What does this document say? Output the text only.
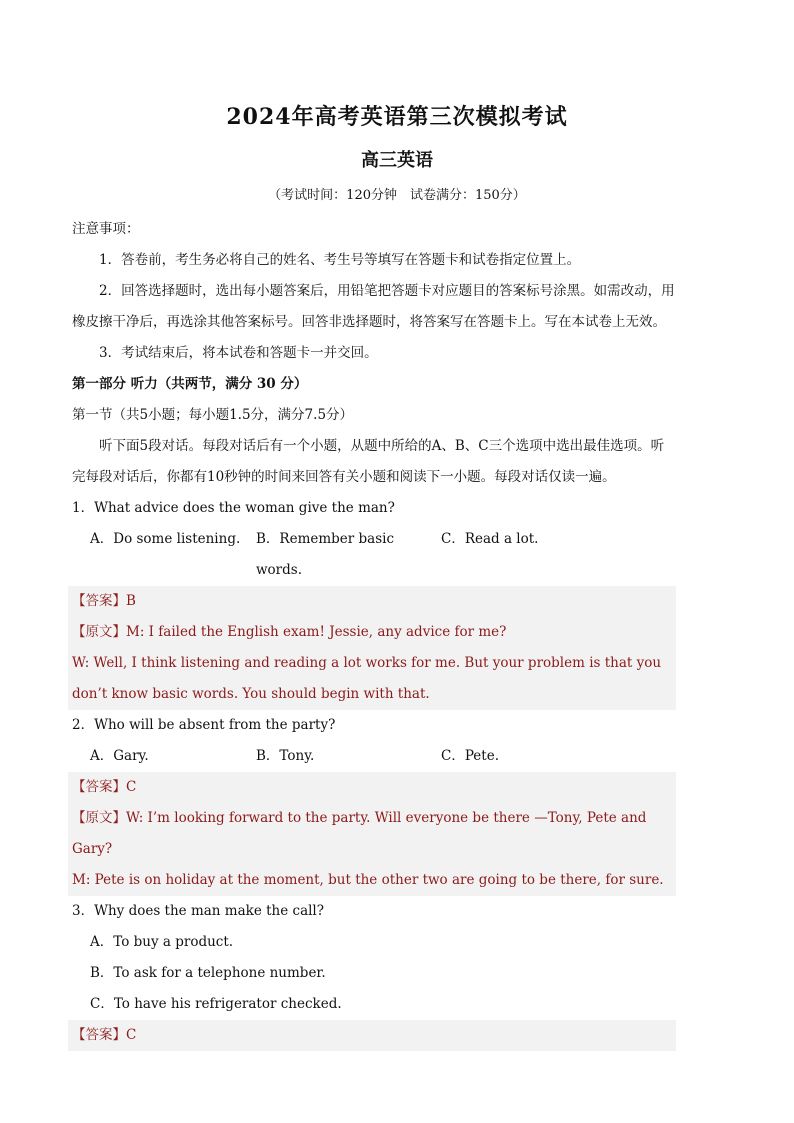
2024年高考英语第三次模拟考试
高三英语
（考试时间：120分钟　试卷满分：150分）

注意事项：

1．答卷前，考生务必将自己的姓名、考生号等填写在答题卡和试卷指定位置上。

2．回答选择题时，选出每小题答案后，用铅笔把答题卡对应题目的答案标号涂黑。如需改动，用橡皮擦干净后，再选涂其他答案标号。回答非选择题时，将答案写在答题卡上。写在本试卷上无效。

3．考试结束后，将本试卷和答题卡一并交回。

第一部分 听力（共两节，满分 30 分）

第一节（共5小题；每小题1.5分，满分7.5分）

听下面5段对话。每段对话后有一个小题，从题中所给的A、B、C三个选项中选出最佳选项。听完每段对话后，你都有10秒钟的时间来回答有关小题和阅读下一小题。每段对话仅读一遍。

1．What advice does the woman give the man?

A．Do some listening.	B．Remember basic words.
C．Read a lot.

【答案】B

【原文】M: I failed the English exam! Jessie, any advice for me?

W: Well, I think listening and reading a lot works for me. But your problem is that you don’t know basic words. You should begin with that.

2．Who will be absent from the party?

A．Gary.	B．Tony.	C．Pete.

【答案】C

【原文】W: I’m looking forward to the party. Will everyone be there —Tony, Pete and Gary?

M: Pete is on holiday at the moment, but the other two are going to be there, for sure.

3．Why does the man make the call?

A．To buy a product.

B．To ask for a telephone number.

C．To have his refrigerator checked.

【答案】C
